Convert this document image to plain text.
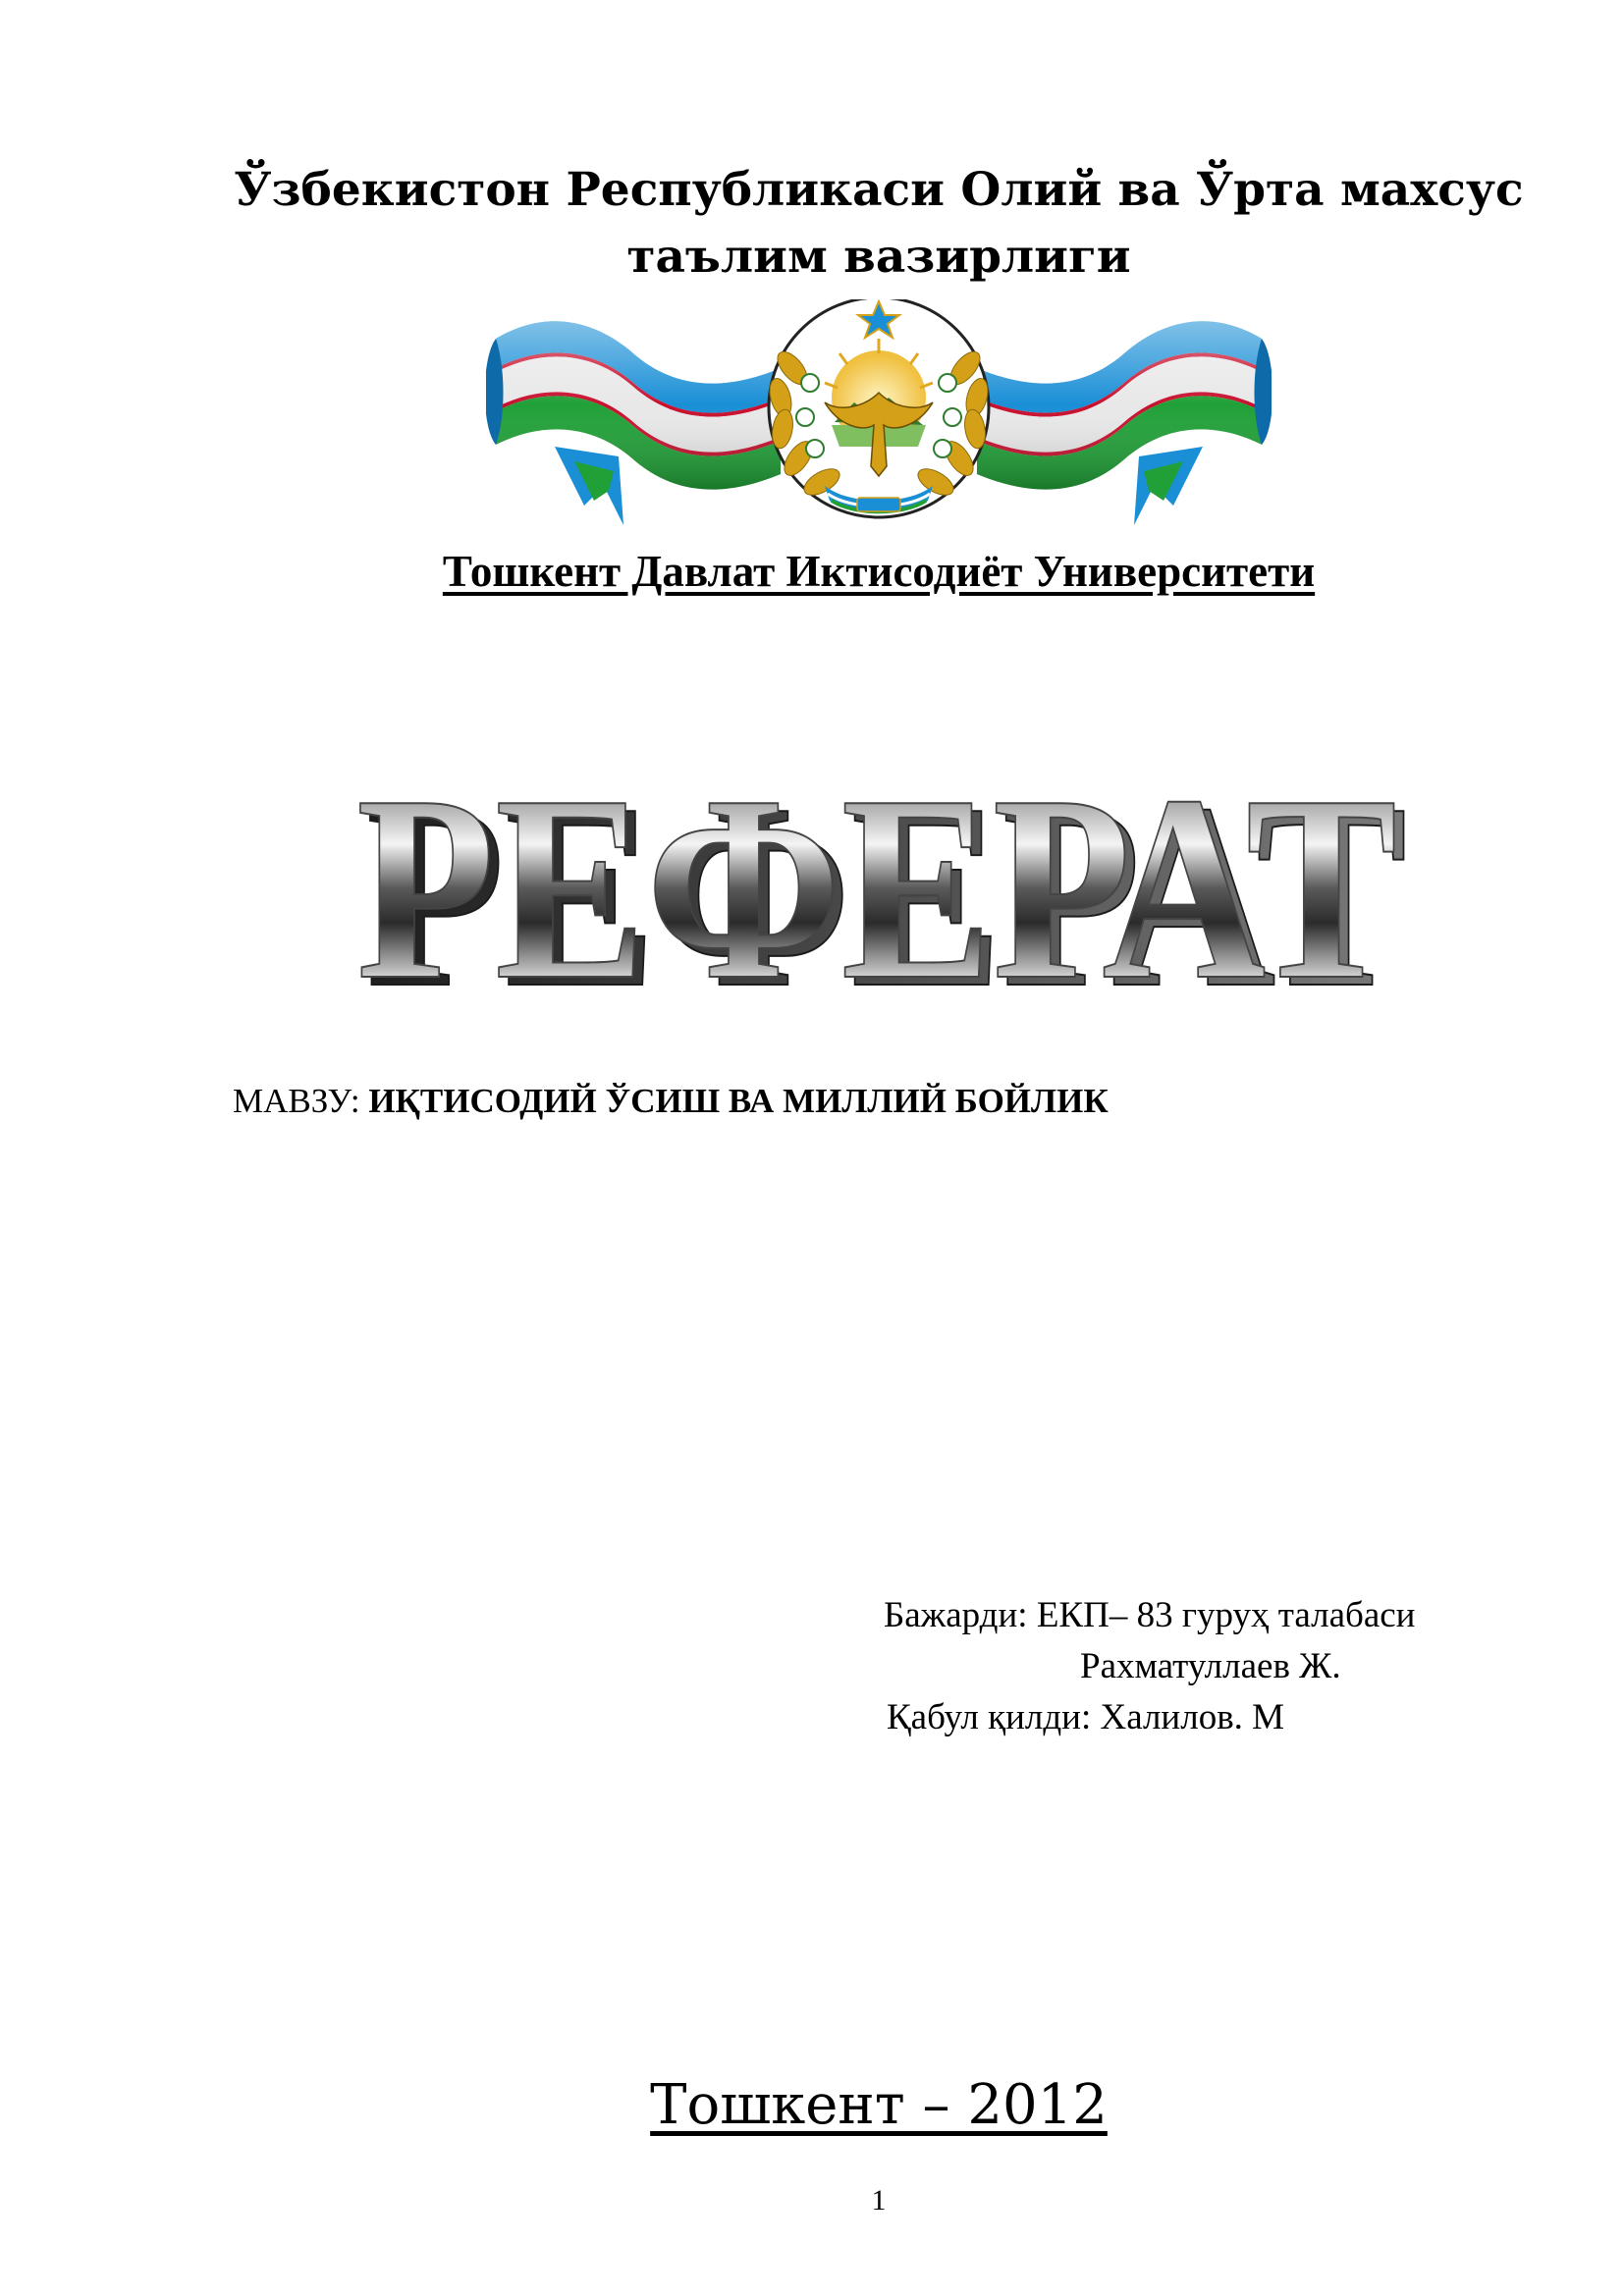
Ўзбекистон Республикаси Олий ва Ўрта махсус
таълим вазирлиги
Тошкент Давлат Иктисодиёт Университети
РЕФЕРАТ
РЕФЕРАТ
МАВЗУ: ИҚТИСОДИЙ ЎСИШ ВА МИЛЛИЙ БОЙЛИК
Бажарди: ЕКП– 83 гуруҳ талабаси
Рахматуллаев Ж.
Қабул қилди: Халилов. М
Тошкент – 2012
1
